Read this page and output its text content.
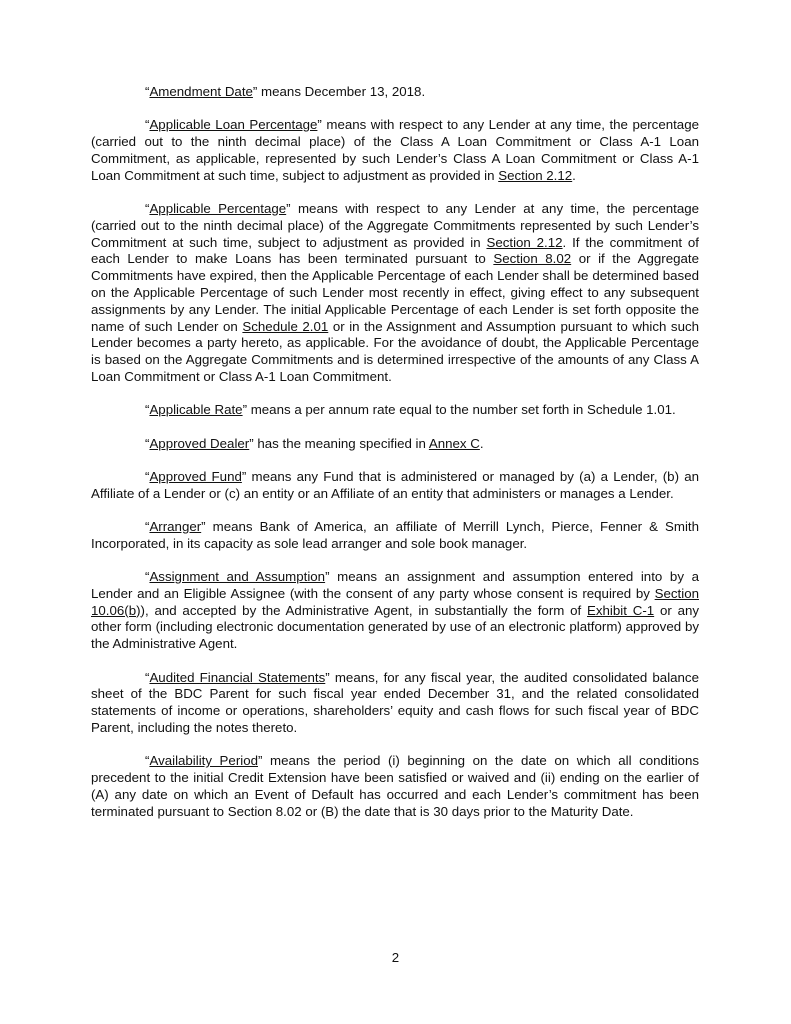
“Amendment Date” means December 13, 2018.

“Applicable Loan Percentage” means with respect to any Lender at any time, the percentage (carried out to the ninth decimal place) of the Class A Loan Commitment or Class A-1 Loan Commitment, as applicable, represented by such Lender’s Class A Loan Commitment or Class A-1 Loan Commitment at such time, subject to adjustment as provided in Section 2.12.

“Applicable Percentage” means with respect to any Lender at any time, the percentage (carried out to the ninth decimal place) of the Aggregate Commitments represented by such Lender’s Commitment at such time, subject to adjustment as provided in Section 2.12. If the commitment of each Lender to make Loans has been terminated pursuant to Section 8.02 or if the Aggregate Commitments have expired, then the Applicable Percentage of each Lender shall be determined based on the Applicable Percentage of such Lender most recently in effect, giving effect to any subsequent assignments by any Lender. The initial Applicable Percentage of each Lender is set forth opposite the name of such Lender on Schedule 2.01 or in the Assignment and Assumption pursuant to which such Lender becomes a party hereto, as applicable. For the avoidance of doubt, the Applicable Percentage is based on the Aggregate Commitments and is determined irrespective of the amounts of any Class A Loan Commitment or Class A-1 Loan Commitment.

“Applicable Rate” means a per annum rate equal to the number set forth in Schedule 1.01.

“Approved Dealer” has the meaning specified in Annex C.

“Approved Fund” means any Fund that is administered or managed by (a) a Lender, (b) an Affiliate of a Lender or (c) an entity or an Affiliate of an entity that administers or manages a Lender.

“Arranger” means Bank of America, an affiliate of Merrill Lynch, Pierce, Fenner & Smith Incorporated, in its capacity as sole lead arranger and sole book manager.

“Assignment and Assumption” means an assignment and assumption entered into by a Lender and an Eligible Assignee (with the consent of any party whose consent is required by Section 10.06(b)), and accepted by the Administrative Agent, in substantially the form of Exhibit C-1 or any other form (including electronic documentation generated by use of an electronic platform) approved by the Administrative Agent.

“Audited Financial Statements” means, for any fiscal year, the audited consolidated balance sheet of the BDC Parent for such fiscal year ended December 31, and the related consolidated statements of income or operations, shareholders’ equity and cash flows for such fiscal year of BDC Parent, including the notes thereto.

“Availability Period” means the period (i) beginning on the date on which all conditions precedent to the initial Credit Extension have been satisfied or waived and (ii) ending on the earlier of (A) any date on which an Event of Default has occurred and each Lender’s commitment has been terminated pursuant to Section 8.02 or (B) the date that is 30 days prior to the Maturity Date.

2
